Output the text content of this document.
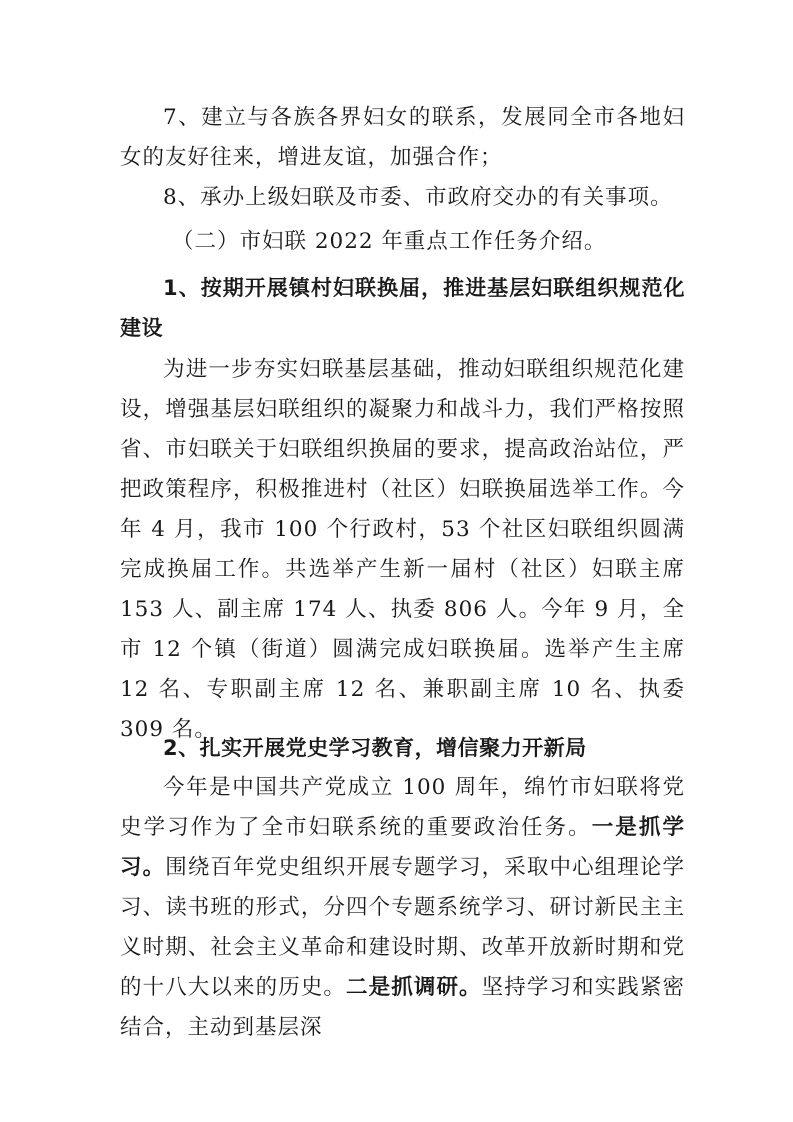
7、建立与各族各界妇女的联系，发展同全市各地妇女的友好往来，增进友谊，加强合作；

8、承办上级妇联及市委、市政府交办的有关事项。

（二）市妇联 2022 年重点工作任务介绍。

1、按期开展镇村妇联换届，推进基层妇联组织规范化建设

为进一步夯实妇联基层基础，推动妇联组织规范化建设，增强基层妇联组织的凝聚力和战斗力，我们严格按照省、市妇联关于妇联组织换届的要求，提高政治站位，严把政策程序，积极推进村（社区）妇联换届选举工作。今年 4 月，我市 100 个行政村，53 个社区妇联组织圆满完成换届工作。共选举产生新一届村（社区）妇联主席 153 人、副主席 174 人、执委 806 人。今年 9 月，全市 12 个镇（街道）圆满完成妇联换届。选举产生主席 12 名、专职副主席 12 名、兼职副主席 10 名、执委 309 名。

2、扎实开展党史学习教育，增信聚力开新局

今年是中国共产党成立 100 周年，绵竹市妇联将党史学习作为了全市妇联系统的重要政治任务。一是抓学习。围绕百年党史组织开展专题学习，采取中心组理论学习、读书班的形式，分四个专题系统学习、研讨新民主主义时期、社会主义革命和建设时期、改革开放新时期和党的十八大以来的历史。二是抓调研。坚持学习和实践紧密结合，主动到基层深
